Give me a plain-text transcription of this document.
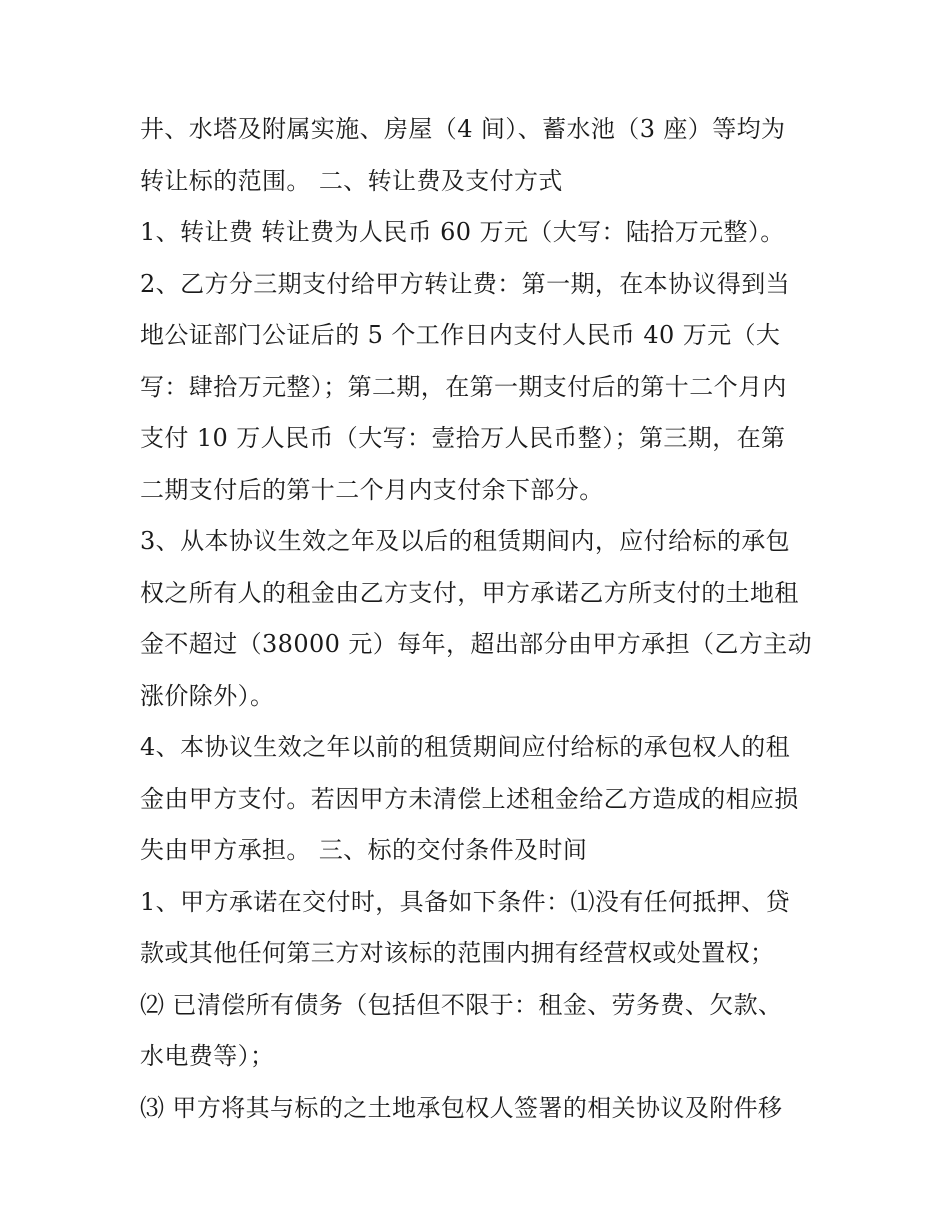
井、水塔及附属实施、房屋（4 间）、蓄水池（3 座）等均为
转让标的范围。 二、转让费及支付方式
1、转让费 转让费为人民币 60 万元（大写：陆拾万元整）。
2、乙方分三期支付给甲方转让费：第一期，在本协议得到当
地公证部门公证后的 5 个工作日内支付人民币 40 万元（大
写：肆拾万元整）；第二期，在第一期支付后的第十二个月内
支付 10 万人民币（大写：壹拾万人民币整）；第三期，在第
二期支付后的第十二个月内支付余下部分。
3、从本协议生效之年及以后的租赁期间内，应付给标的承包
权之所有人的租金由乙方支付，甲方承诺乙方所支付的土地租
金不超过（38000 元）每年，超出部分由甲方承担（乙方主动
涨价除外）。
4、本协议生效之年以前的租赁期间应付给标的承包权人的租
金由甲方支付。若因甲方未清偿上述租金给乙方造成的相应损
失由甲方承担。 三、标的交付条件及时间
1、甲方承诺在交付时，具备如下条件：⑴没有任何抵押、贷
款或其他任何第三方对该标的范围内拥有经营权或处置权；
⑵ 已清偿所有债务（包括但不限于：租金、劳务费、欠款、
水电费等）；
⑶ 甲方将其与标的之土地承包权人签署的相关协议及附件移
